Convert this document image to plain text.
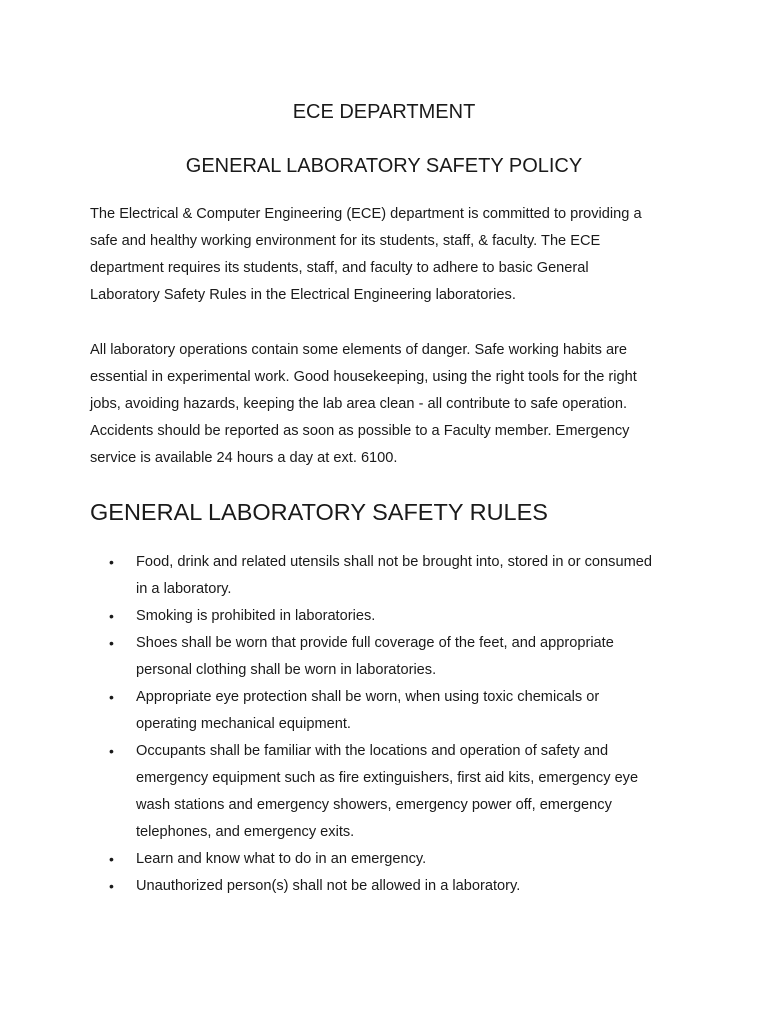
ECE DEPARTMENT
GENERAL LABORATORY SAFETY POLICY

The Electrical & Computer Engineering (ECE) department is committed to providing a
safe and healthy working environment for its students, staff, & faculty. The ECE
department requires its students, staff, and faculty to adhere to basic General
Laboratory Safety Rules in the Electrical Engineering laboratories.

All laboratory operations contain some elements of danger. Safe working habits are
essential in experimental work. Good housekeeping, using the right tools for the right
jobs, avoiding hazards, keeping the lab area clean - all contribute to safe operation.
Accidents should be reported as soon as possible to a Faculty member. Emergency
service is available 24 hours a day at ext. 6100.

GENERAL LABORATORY SAFETY RULES
• Food, drink and related utensils shall not be brought into, stored in or consumed
in a laboratory.
• Smoking is prohibited in laboratories.
• Shoes shall be worn that provide full coverage of the feet, and appropriate
personal clothing shall be worn in laboratories.
• Appropriate eye protection shall be worn, when using toxic chemicals or
operating mechanical equipment.
• Occupants shall be familiar with the locations and operation of safety and
emergency equipment such as fire extinguishers, first aid kits, emergency eye
wash stations and emergency showers, emergency power off, emergency
telephones, and emergency exits.
• Learn and know what to do in an emergency.
• Unauthorized person(s) shall not be allowed in a laboratory.
